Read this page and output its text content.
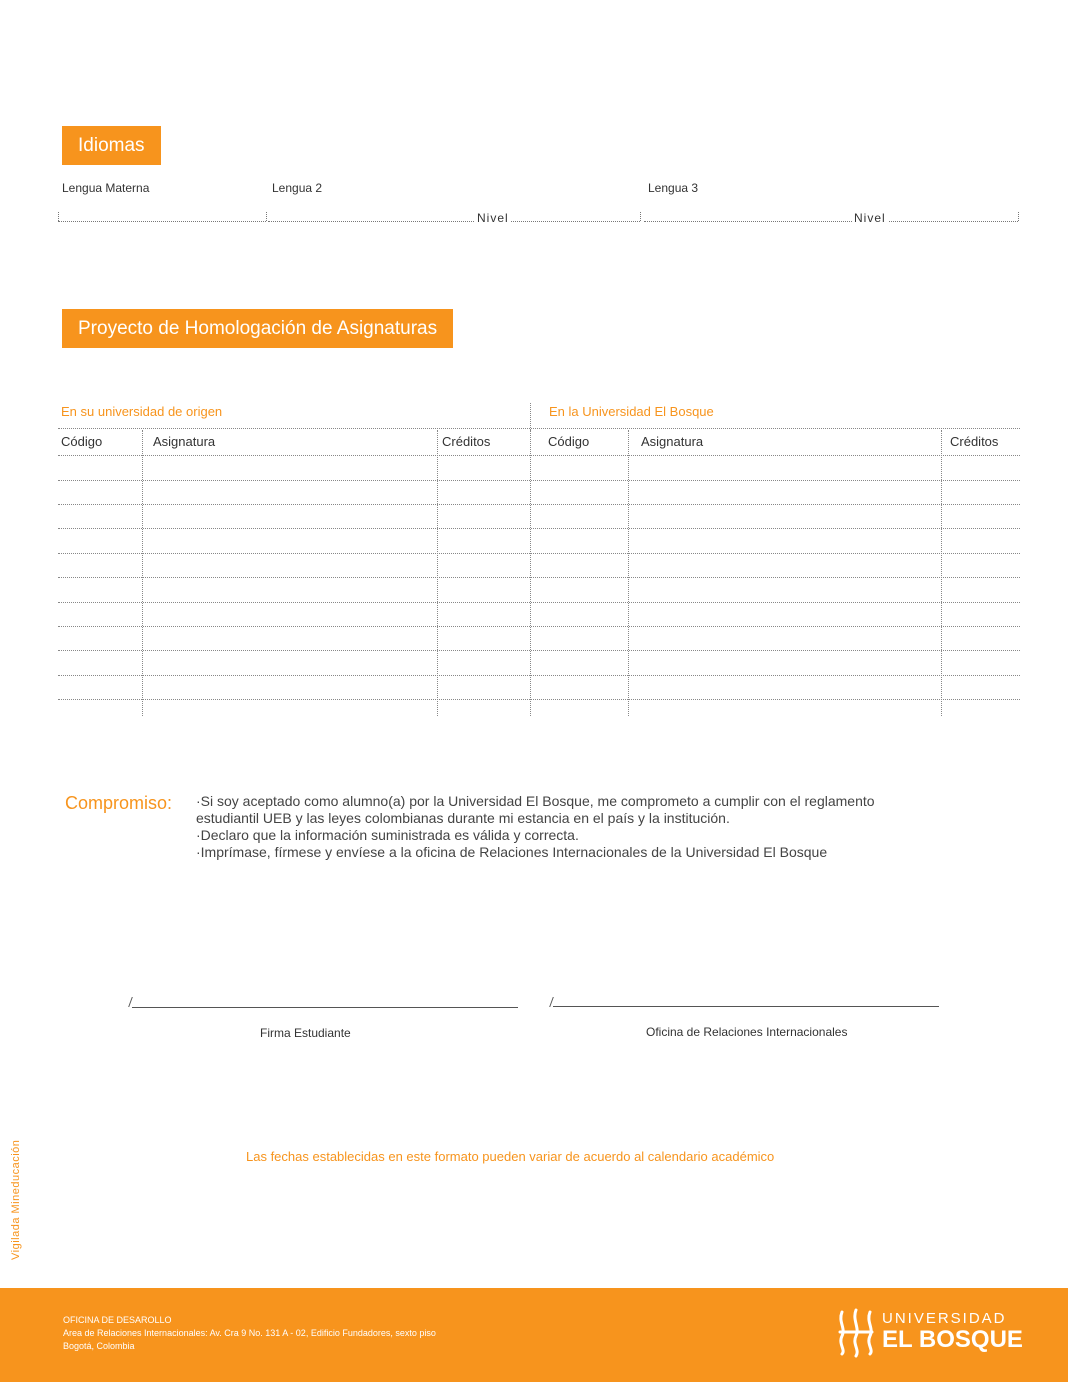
Idiomas
Lengua Materna	Lengua 2	Lengua 3
Nivel	Nivel
Proyecto de Homologación de Asignaturas
En su universidad de origen	En la Universidad El Bosque
Código	Asignatura	Créditos	Código	Asignatura	Créditos
Compromiso: ·Si soy aceptado como alumno(a) por la Universidad El Bosque, me comprometo a cumplir con el reglamento
estudiantil UEB y las leyes colombianas durante mi estancia en el país y la institución.
·Declaro que la información suministrada es válida y correcta.
·Imprímase, fírmese y envíese a la oficina de Relaciones Internacionales de la Universidad El Bosque
Firma Estudiante	Oficina de Relaciones Internacionales
Las fechas establecidas en este formato pueden variar de acuerdo al calendario académico
Vigilada Mineducación
OFICINA DE DESAROLLO
Area de Relaciones Internacionales: Av. Cra 9 No. 131 A - 02, Edificio Fundadores, sexto piso
Bogotá, Colombia
UNIVERSIDAD
EL BOSQUE
